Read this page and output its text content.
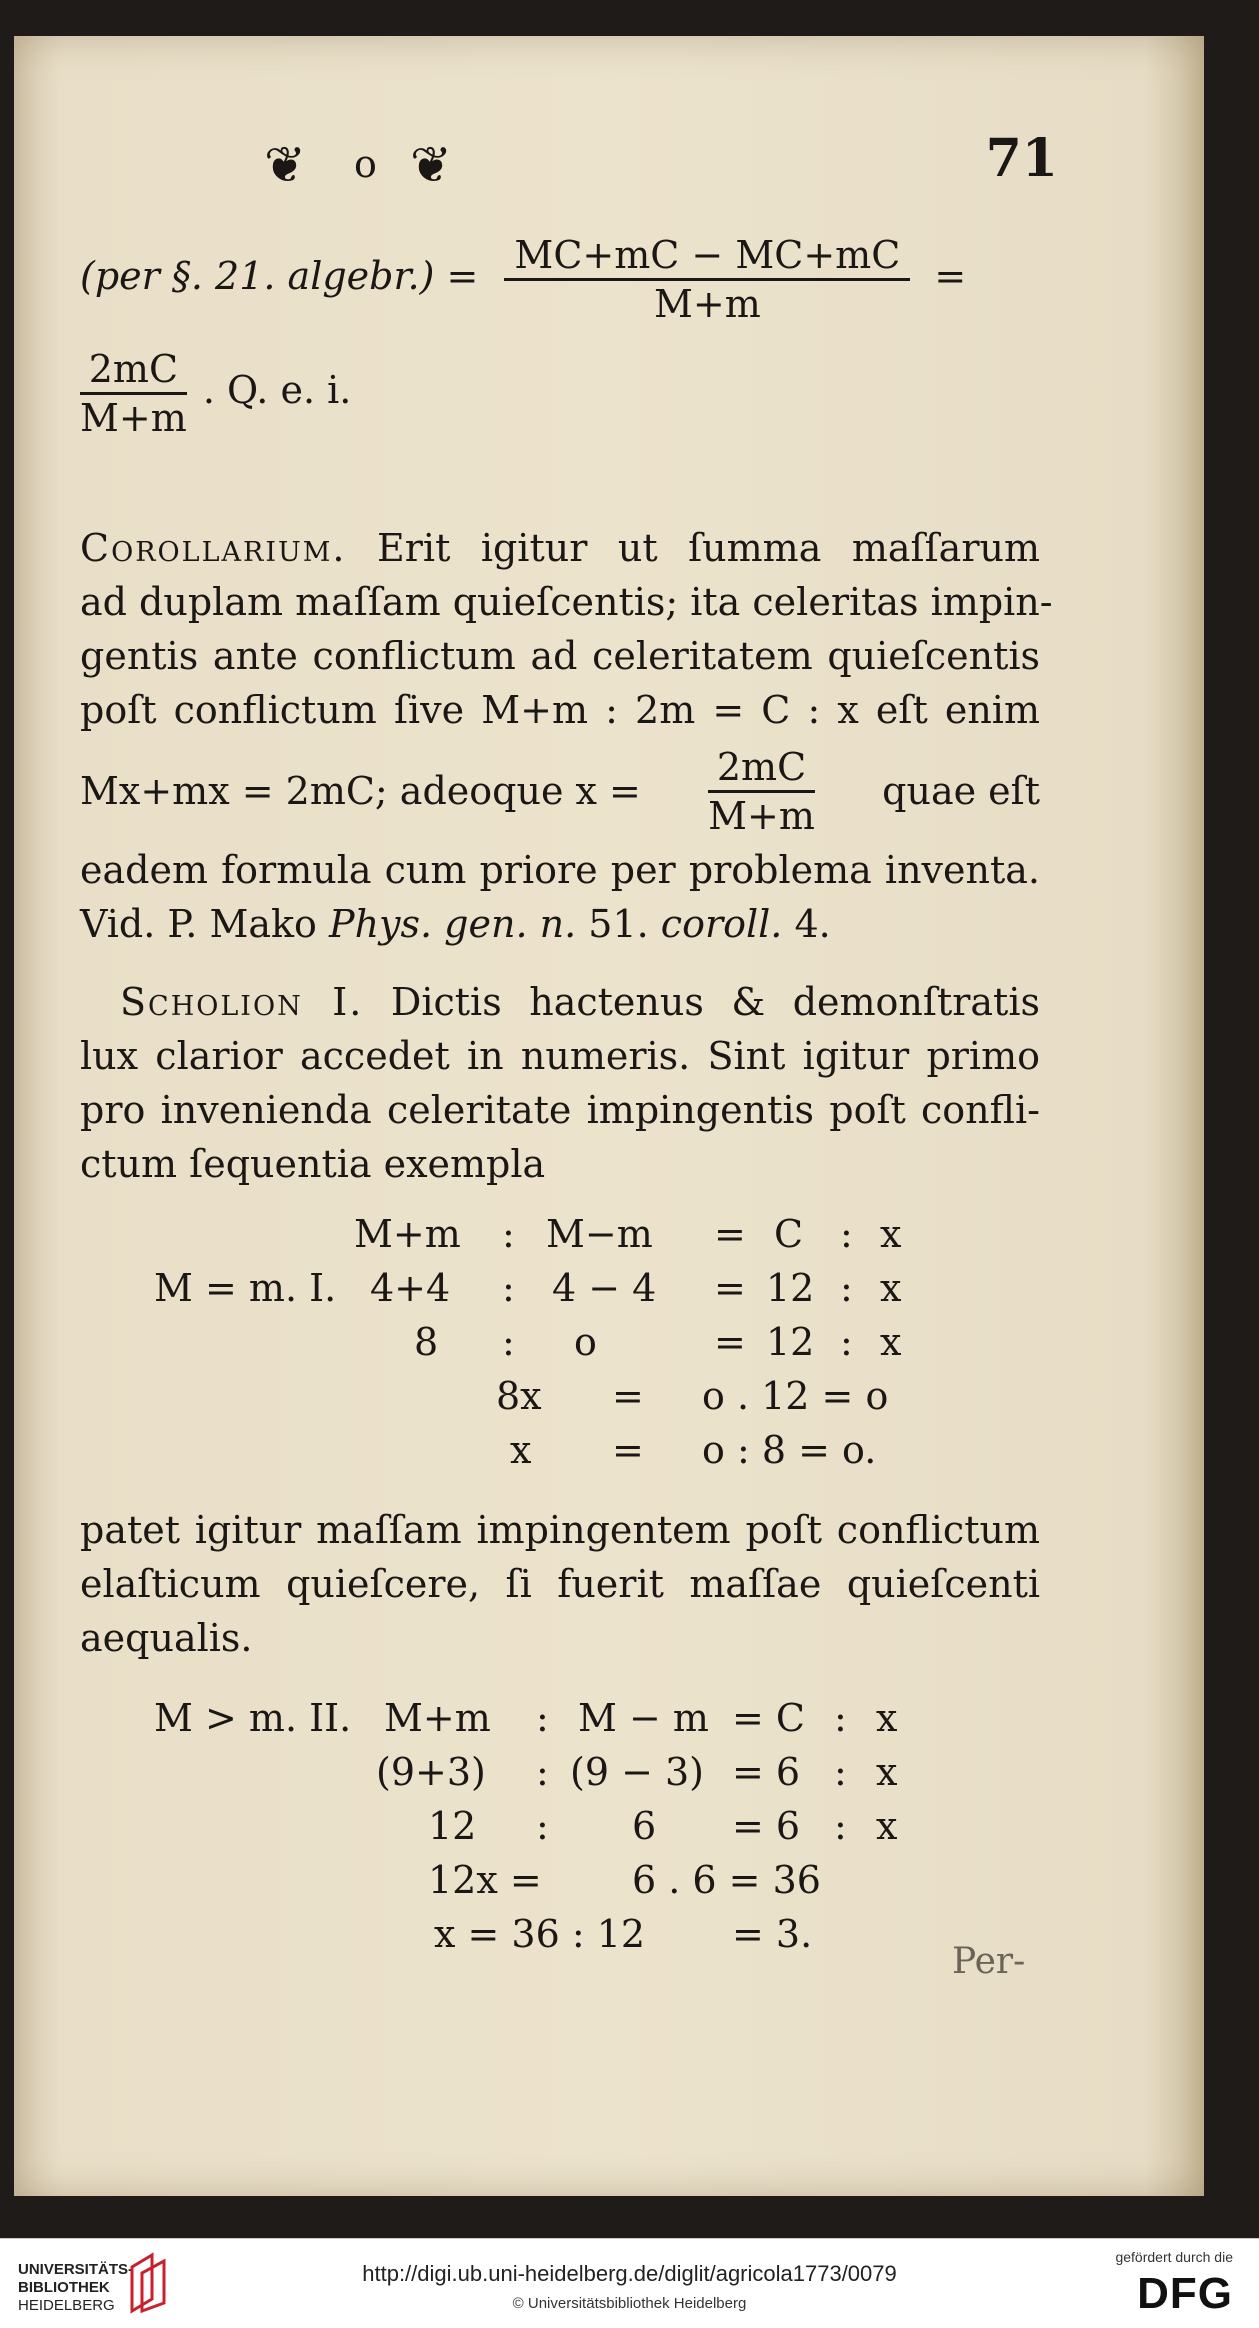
❦ o ❦	71
(per §. 21. algebr.) = $\frac{MC+mC - MC+mC}{M+m}$ =
$\frac{2mC}{M+m}$ . Q. e. i.
Corollarium. Erit igitur ut ſumma maſſarum
ad duplam maſſam quieſcentis; ita celeritas impin-
gentis ante conflictum ad celeritatem quieſcentis
poſt conflictum ſive M+m : 2m = C : x eſt enim
Mx+mx = 2mC; adeoque $x = \frac{2mC}{M+m}$ quae eſt
eadem formula cum priore per problema inventa.
Vid. P. Mako Phys. gen. n. 51. coroll. 4.
Scholion I. Dictis hactenus & demonſtratis
lux clarior accedet in numeris. Sint igitur primo
pro invenienda celeritate impingentis poſt confli-
ctum ſequentia exempla
M+m : M−m = C : x
M = m. I. 4+4 : 4 − 4 = 12 : x
8 : o	= 12 : x
8x = o . 12 = o
x = o : 8 = o.
patet igitur maſſam impingentem poſt conflictum
elaſticum quieſcere, ſi fuerit maſſae quieſcenti
aequalis.
M > m. II. M+m : M − m = C : x
(9+3) : (9 − 3) = 6 : x
12 : 6 = 6 : x
12x = 6 . 6 = 36
x = 36 : 12 = 3.
Per-
UNIVERSITÄTS-
BIBLIOTHEK
HEIDELBERG
http://digi.ub.uni-heidelberg.de/diglit/agricola1773/0079
© Universitätsbibliothek Heidelberg
gefördert durch die
DFG
